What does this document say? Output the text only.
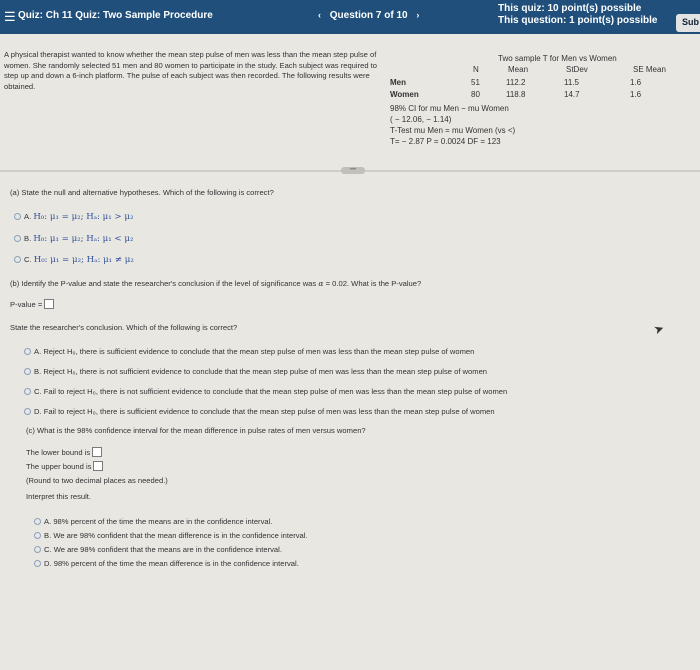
☰ Quiz: Ch 11 Quiz: Two Sample Procedure	‹ Question 7 of 10 ›
This quiz: 10 point(s) possible
This question: 1 point(s) possible	Sub
A physical therapist wanted to know whether the mean step pulse of men was less than the mean step pulse of women. She randomly selected 51 men and 80 women to participate in the study. Each subject was required to step up and down a 6-inch platform. The pulse of each subject was then recorded. The following results were obtained.
Two sample T for Men vs Women
N	Mean	StDev	SE Mean
Men	51	112.2	11.5	1.6
Women	80	118.8	14.7	1.6
98% CI for mu Men − mu Women
( − 12.06, − 1.14)
T-Test mu Men = mu Women (vs <)
T= − 2.87 P = 0.0024 DF = 123
•••
(a) State the null and alternative hypotheses. Which of the following is correct?
A. H₀: μ₁ = μ₂; Hₐ: μ₁ > μ₂
B. H₀: μ₁ = μ₂; Hₐ: μ₁ < μ₂
C. H₀: μ₁ = μ₂; Hₐ: μ₁ ≠ μ₂
(b) Identify the P-value and state the researcher's conclusion if the level of significance was α = 0.02. What is the P-value?
P-value =
State the researcher's conclusion. Which of the following is correct?
A. Reject H₀, there is sufficient evidence to conclude that the mean step pulse of men was less than the mean step pulse of women
B. Reject H₀, there is not sufficient evidence to conclude that the mean step pulse of men was less than the mean step pulse of women
C. Fail to reject H₀, there is not sufficient evidence to conclude that the mean step pulse of men was less than the mean step pulse of women
D. Fail to reject H₀, there is sufficient evidence to conclude that the mean step pulse of men was less than the mean step pulse of women
(c) What is the 98% confidence interval for the mean difference in pulse rates of men versus women?
The lower bound is
The upper bound is
(Round to two decimal places as needed.)
Interpret this result.
A. 98% percent of the time the means are in the confidence interval.
B. We are 98% confident that the mean difference is in the confidence interval.
C. We are 98% confident that the means are in the confidence interval.
D. 98% percent of the time the mean difference is in the confidence interval.
➤
